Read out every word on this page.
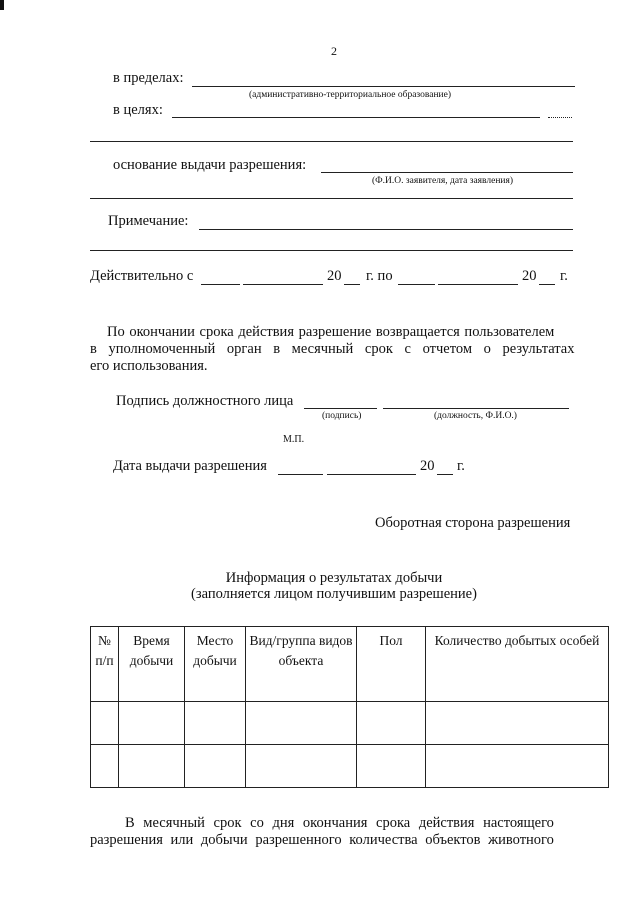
2
в пределах:
(административно-территориальное образование)
в целях:
основание выдачи разрешения:
(Ф.И.О. заявителя, дата заявления)
Примечание:
Действительно с	20 г. по	20 г.
По окончании срока действия разрешение возвращается пользователем
в уполномоченный орган в месячный срок с отчетом о результатах
его использования.
Подпись должностного лица
(подпись)	(должность, Ф.И.О.)
М.П.
Дата выдачи разрешения	20 г.
Оборотная сторона разрешения
Информация о результатах добычи
(заполняется лицом получившим разрешение)
№ п/п	Время добычи	Место добычи	Вид/группа видов объекта	Пол	Количество добытых особей

В месячный срок со дня окончания срока действия настоящего
разрешения или добычи разрешенного количества объектов животного
